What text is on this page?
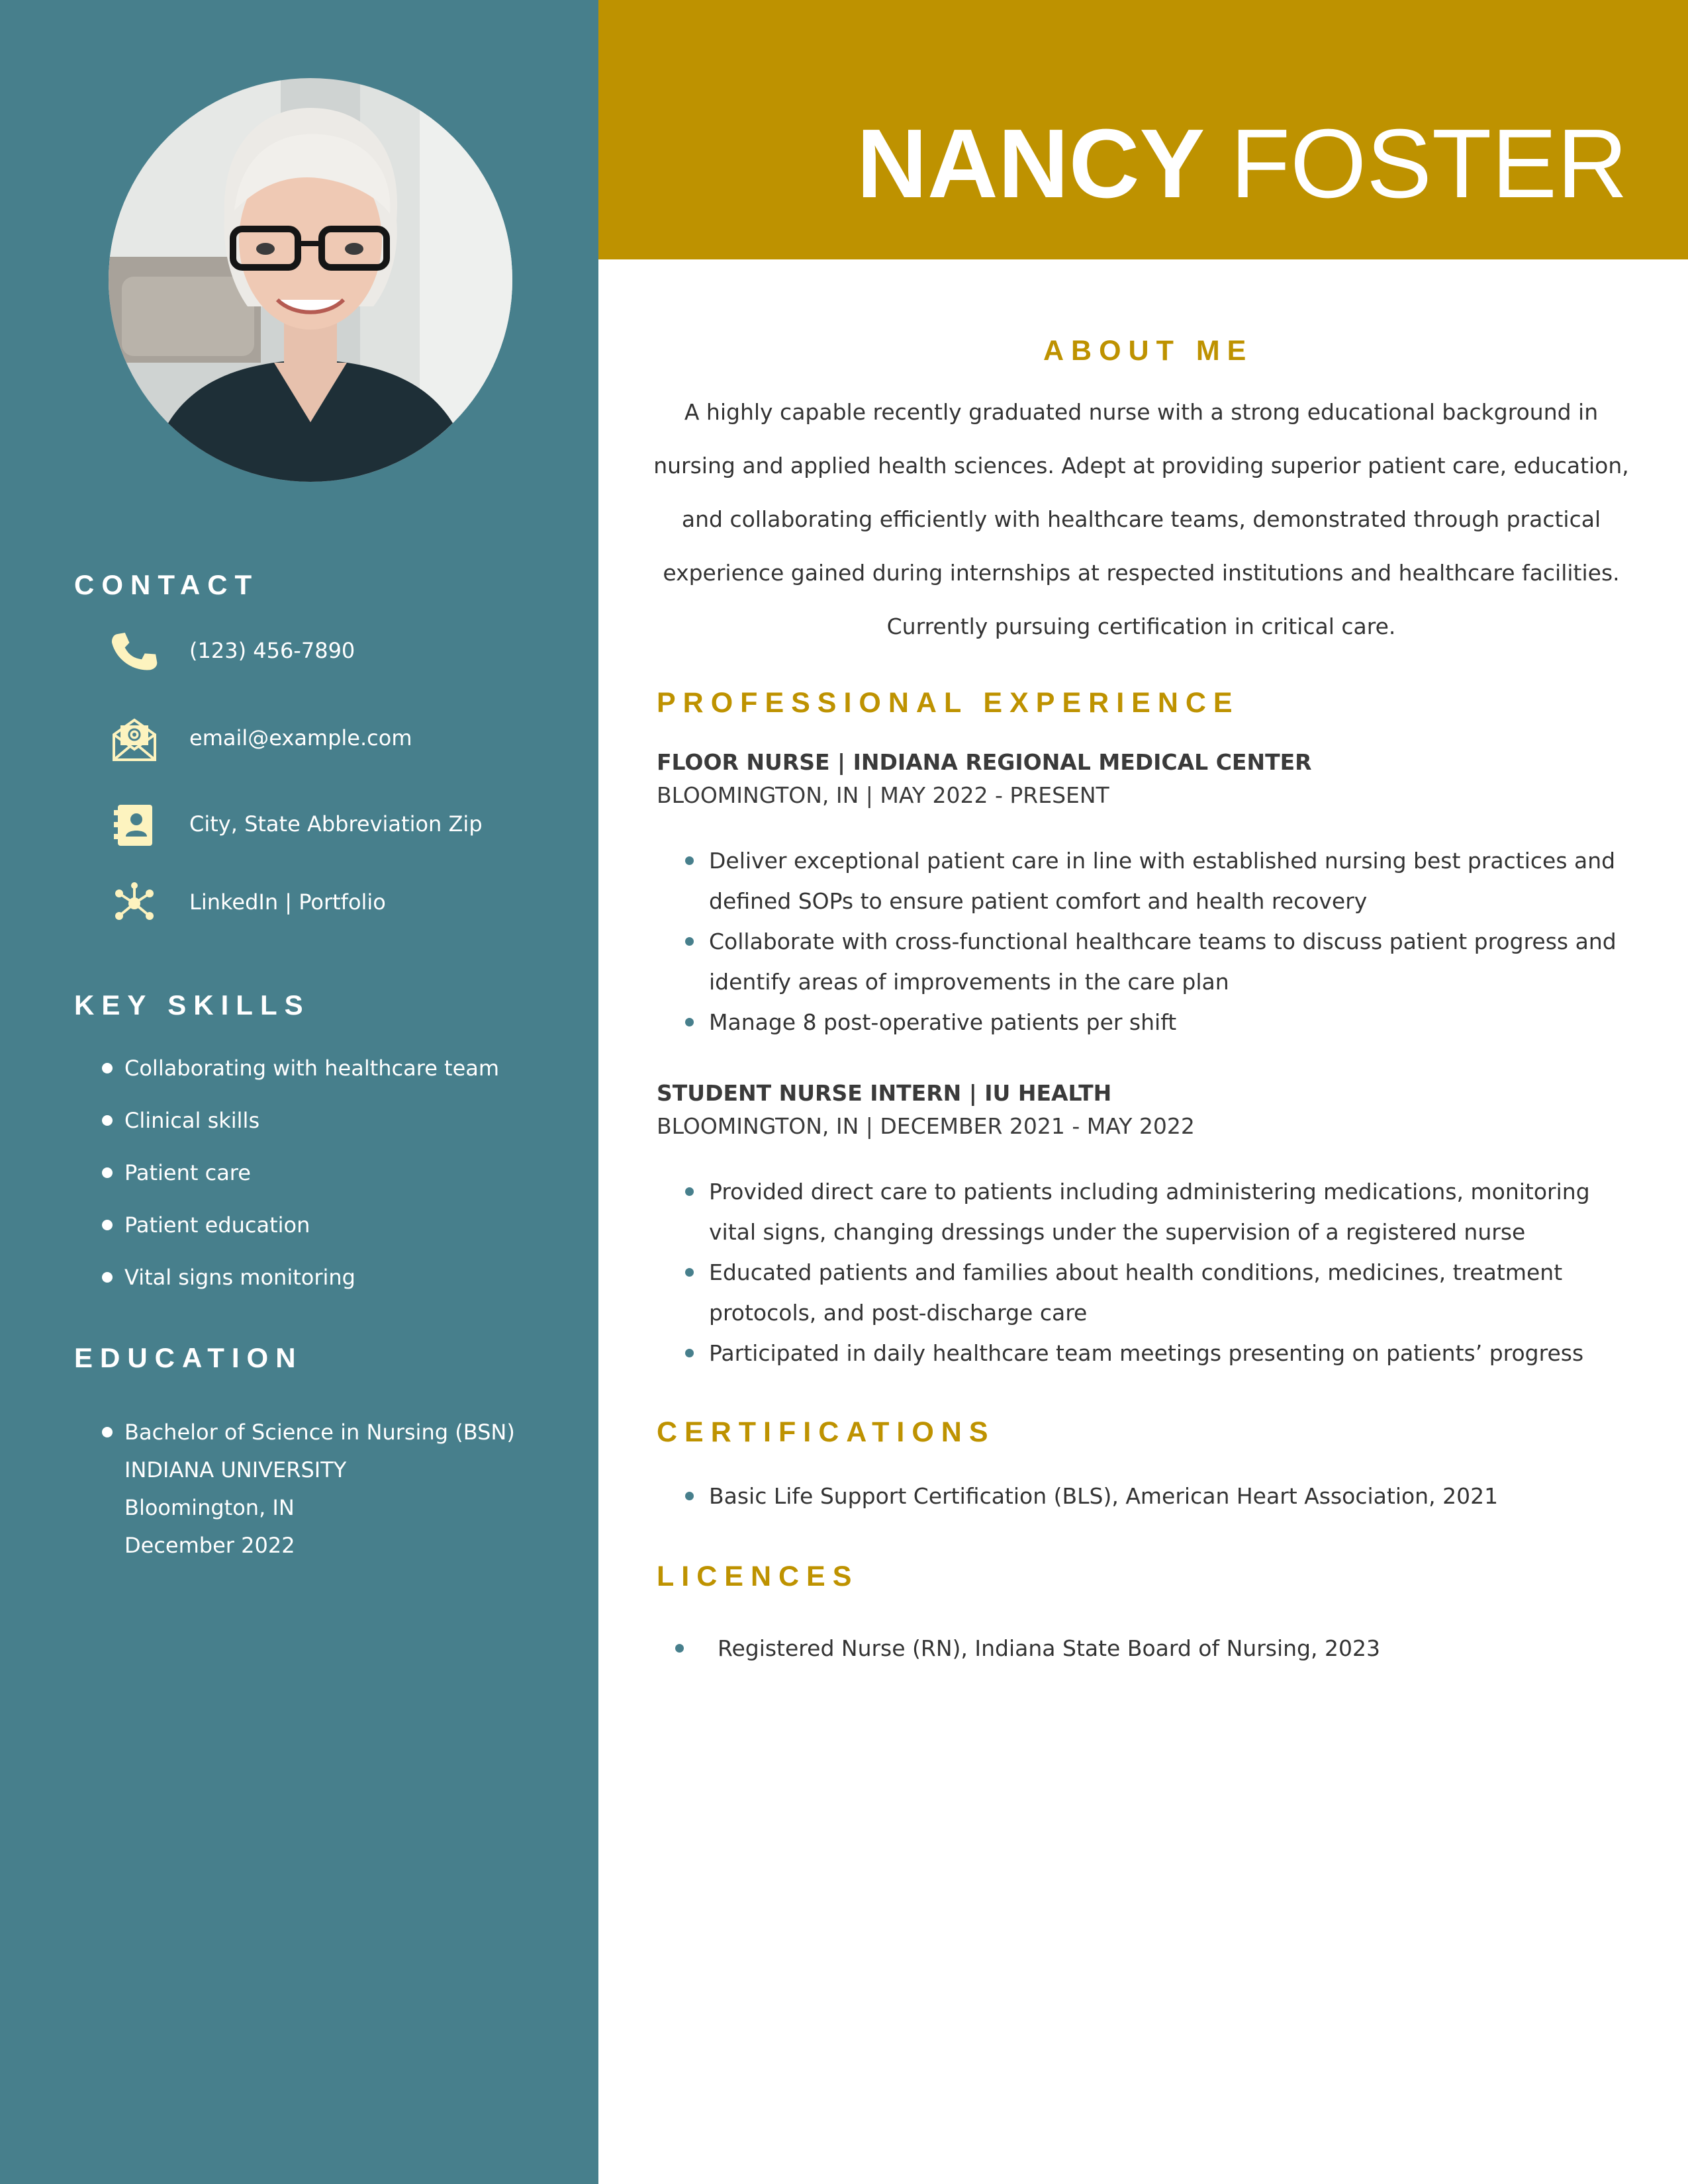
CONTACT
(123) 456-7890
email@example.com
City, State Abbreviation Zip
LinkedIn | Portfolio
KEY SKILLS
Collaborating with healthcare team
Clinical skills
Patient care
Patient education
Vital signs monitoring
EDUCATION
Bachelor of Science in Nursing (BSN)
INDIANA UNIVERSITY
Bloomington, IN
December 2022
NANCY FOSTER
ABOUT ME

A highly capable recently graduated nurse with a strong educational background in nursing and applied health sciences. Adept at providing superior patient care, education, and collaborating efficiently with healthcare teams, demonstrated through practical experience gained during internships at respected institutions and healthcare facilities. Currently pursuing certification in critical care.

PROFESSIONAL EXPERIENCE

FLOOR NURSE | INDIANA REGIONAL MEDICAL CENTER

BLOOMINGTON, IN | MAY 2022 - PRESENT

Deliver exceptional patient care in line with established nursing best practices and defined SOPs to ensure patient comfort and health recovery
Collaborate with cross-functional healthcare teams to discuss patient progress and identify areas of improvements in the care plan
Manage 8 post-operative patients per shift

STUDENT NURSE INTERN | IU HEALTH

BLOOMINGTON, IN | DECEMBER 2021 - MAY 2022

Provided direct care to patients including administering medications, monitoring vital signs, changing dressings under the supervision of a registered nurse
Educated patients and families about health conditions, medicines, treatment protocols, and post-discharge care
Participated in daily healthcare team meetings presenting on patients’ progress
CERTIFICATIONS
Basic Life Support Certification (BLS), American Heart Association, 2021
LICENCES
Registered Nurse (RN), Indiana State Board of Nursing, 2023
